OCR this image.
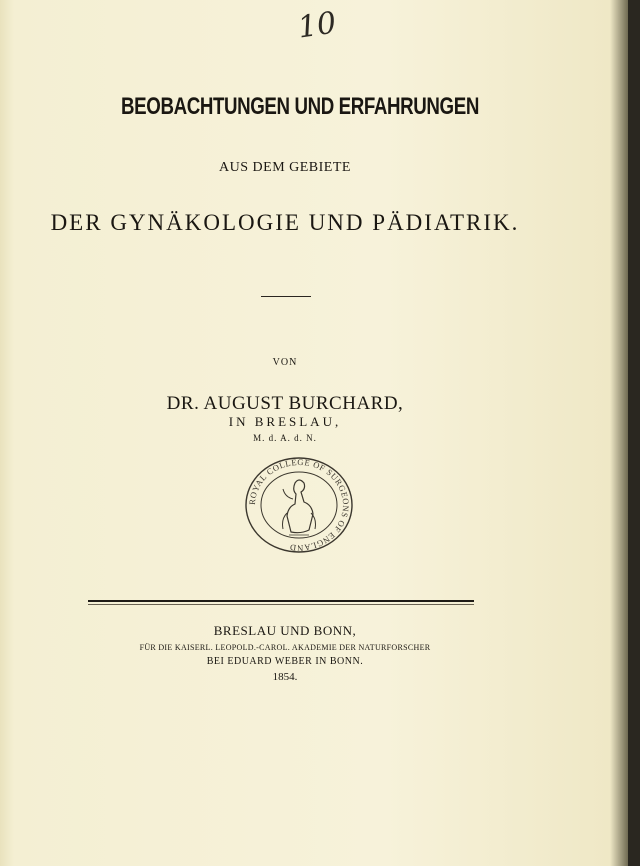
10
BEOBACHTUNGEN UND ERFAHRUNGEN
AUS DEM GEBIETE
DER GYNÄKOLOGIE UND PÄDIATRIK.
VON
DR. AUGUST BURCHARD,
IN BRESLAU,
M. d. A. d. N.
ROYAL COLLEGE OF SURGEONS OF ENGLAND
BRESLAU UND BONN,
FÜR DIE KAISERL. LEOPOLD.-CAROL. AKADEMIE DER NATURFORSCHER
BEI EDUARD WEBER IN BONN.
1854.
